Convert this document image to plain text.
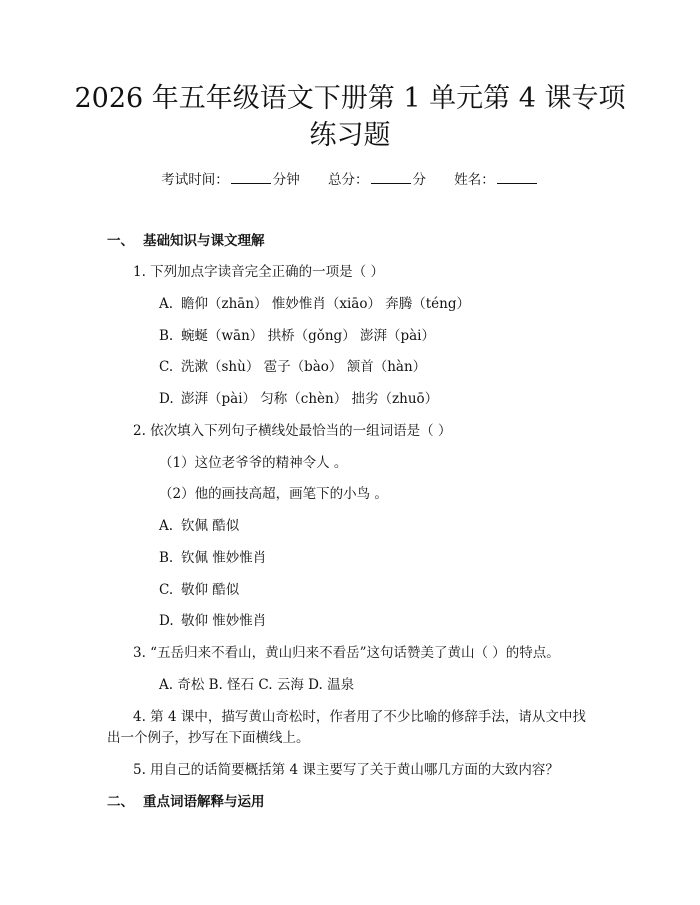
2026 年五年级语文下册第 1 单元第 4 课专项
练习题
考试时间：	分钟 总分：	分 姓名：
一、 基础知识与课文理解
1. 下列加点字读音完全正确的一项是（ ）
A. 瞻仰（zhān） 惟妙惟肖（xiāo） 奔腾（téng）
B. 蜿蜒（wān） 拱桥（gǒng） 澎湃（pài）
C. 洗漱（shù） 雹子（bào） 颔首（hàn）
D. 澎湃（pài） 匀称（chèn） 拙劣（zhuō）
2. 依次填入下列句子横线处最恰当的一组词语是（ ）
（1）这位老爷爷的精神令人 。
（2）他的画技高超，画笔下的小鸟 。
A. 钦佩 酷似
B. 钦佩 惟妙惟肖
C. 敬仰 酷似
D. 敬仰 惟妙惟肖
3. “五岳归来不看山，黄山归来不看岳”这句话赞美了黄山（ ）的特点。
A. 奇松 B. 怪石 C. 云海 D. 温泉
4. 第 4 课中，描写黄山奇松时，作者用了不少比喻的修辞手法，请从文中找
出一个例子，抄写在下面横线上。
5. 用自己的话简要概括第 4 课主要写了关于黄山哪几方面的大致内容？
二、 重点词语解释与运用
